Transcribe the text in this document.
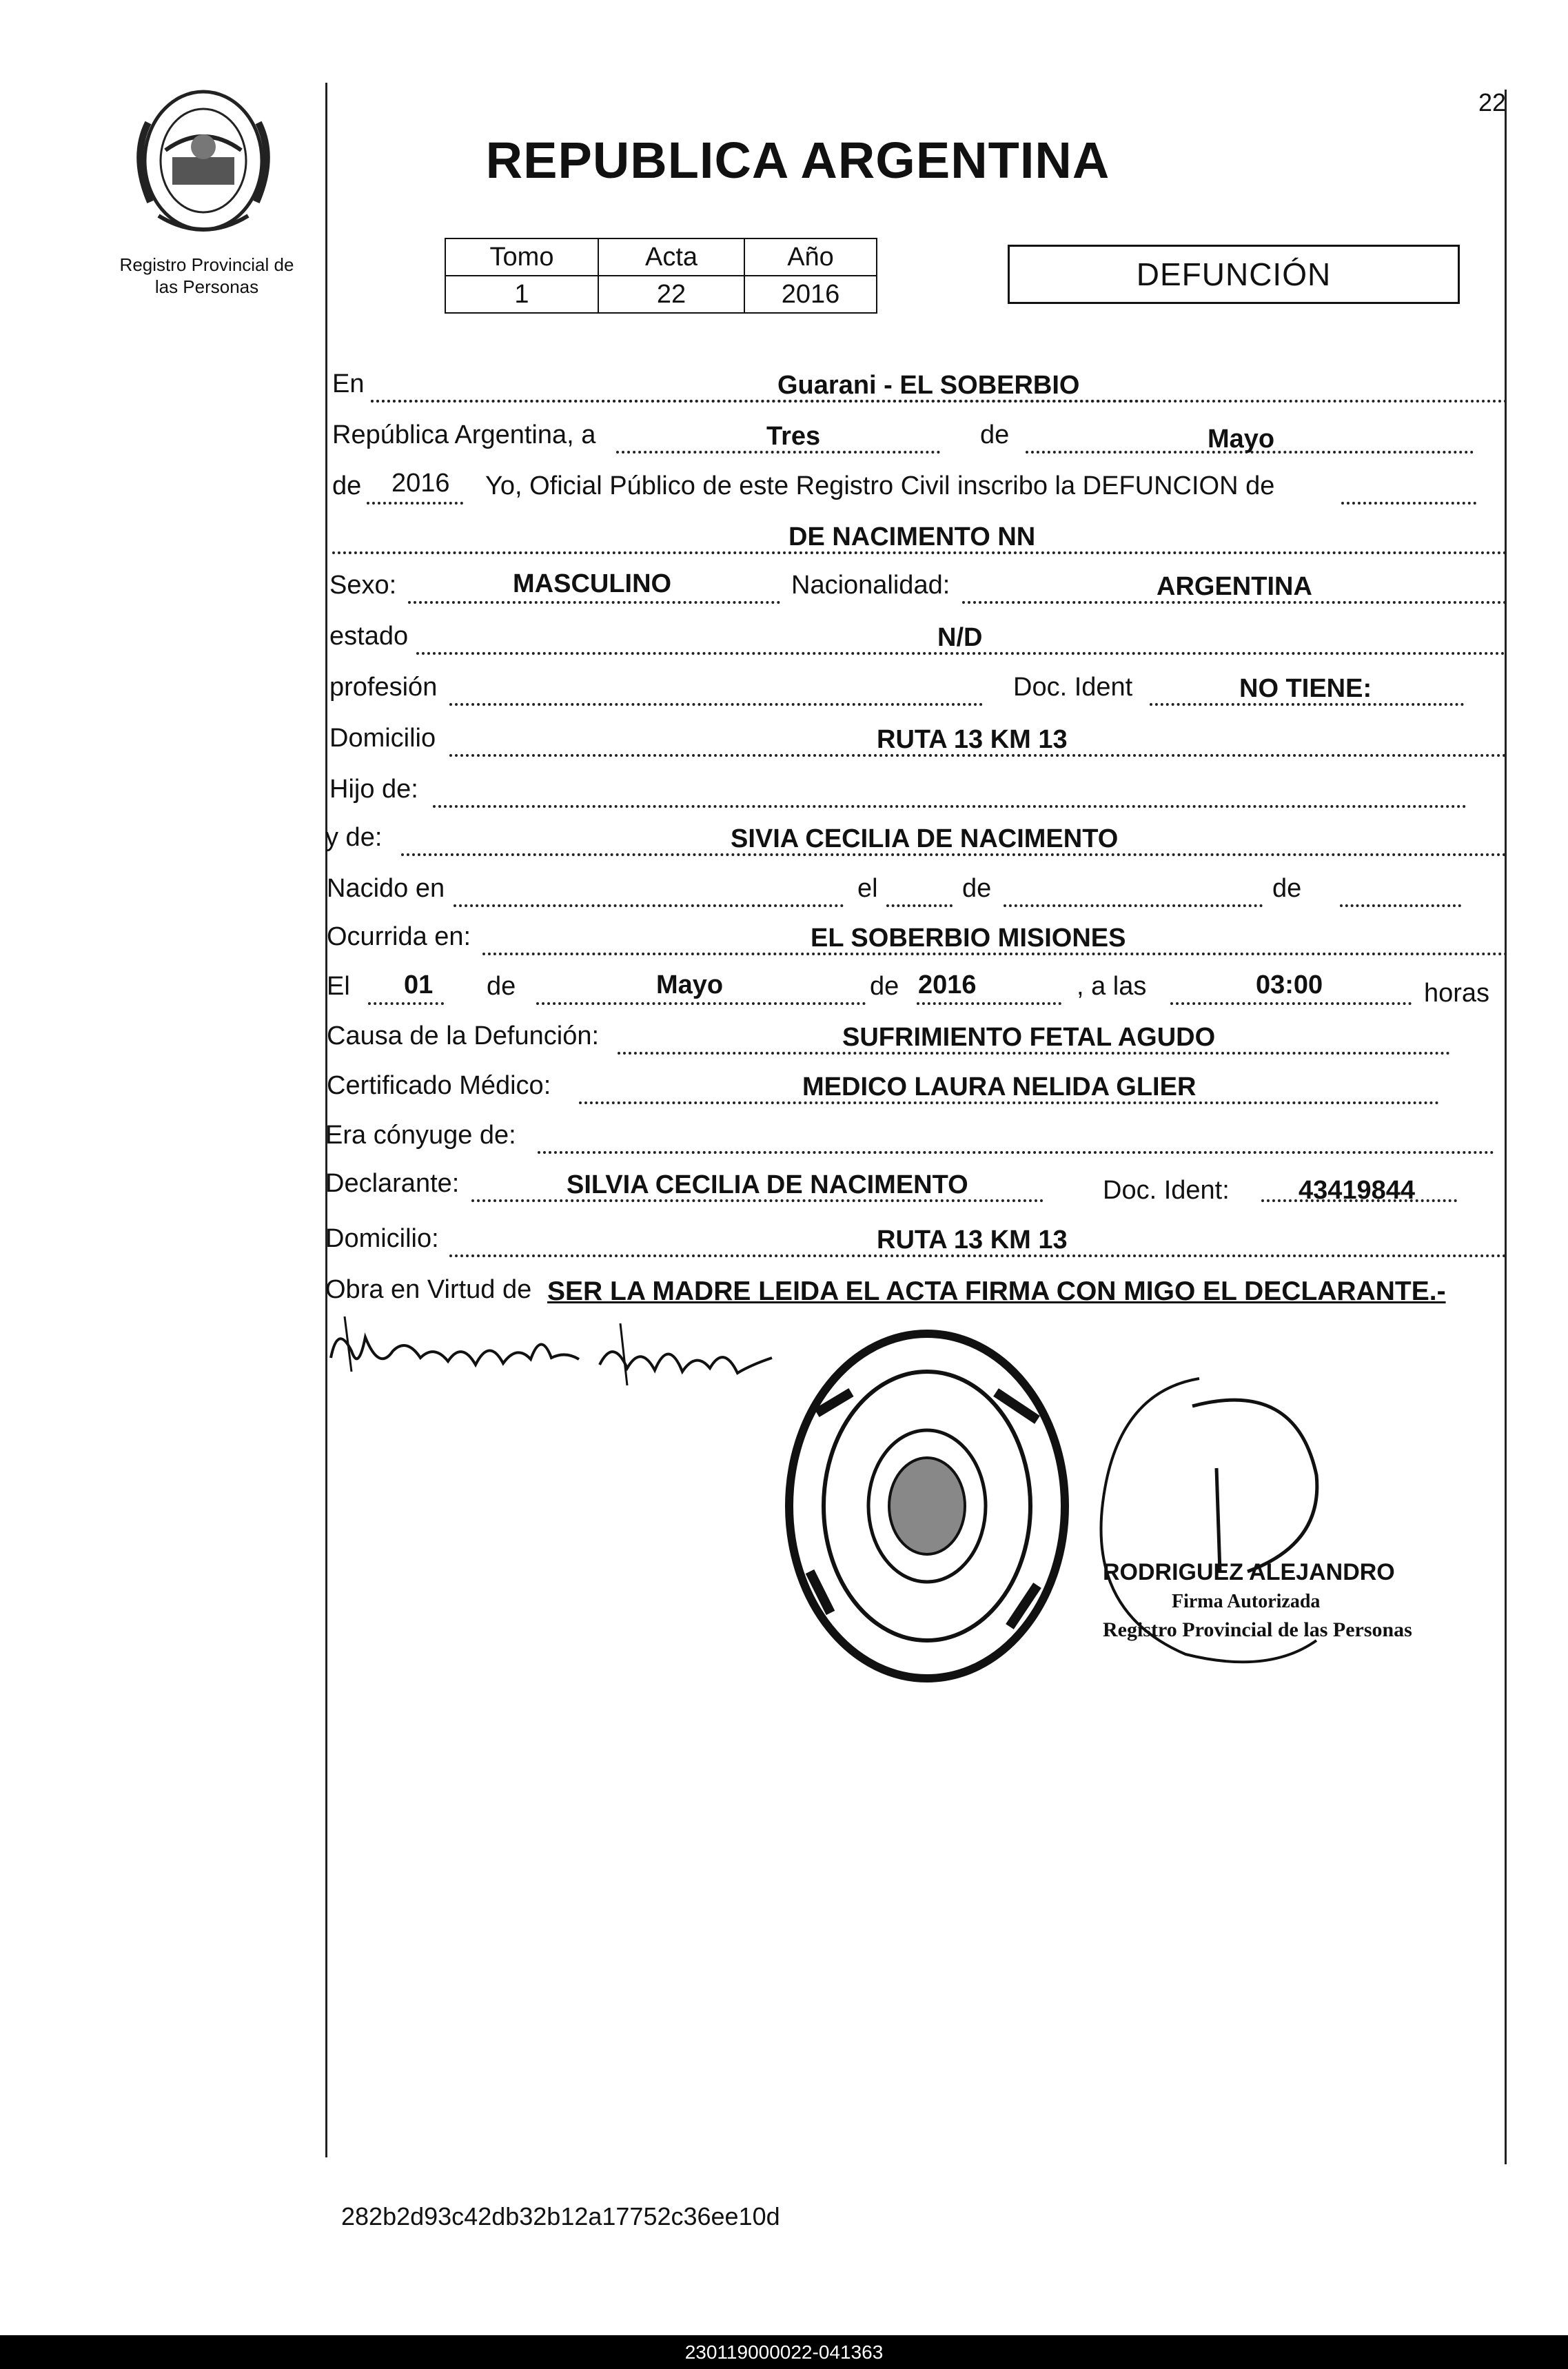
Registro Provincial de
las Personas
22
REPUBLICA ARGENTINA
Tomo	Acta	Año
1	22	2016
DEFUNCIÓN
En	Guarani - EL SOBERBIO
República Argentina, a	Tres	de	Mayo
de 2016 Yo, Oficial Público de este Registro Civil inscribo la DEFUNCION de
DE NACIMENTO NN
Sexo:	MASCULINO	Nacionalidad:	ARGENTINA
estado	N/D
profesión	Doc. Ident	NO TIENE:
Domicilio	RUTA 13 KM 13
Hijo de:
y de:	SIVIA CECILIA DE NACIMENTO
Nacido en	el	de	de
Ocurrida en:	EL SOBERBIO MISIONES
El 01 de	Mayo	de 2016	, a las	03:00	horas
Causa de la Defunción:	SUFRIMIENTO FETAL AGUDO
Certificado Médico:	MEDICO LAURA NELIDA GLIER
Era cónyuge de:
Declarante:	SILVIA CECILIA DE NACIMENTO	Doc. Ident:	43419844
Domicilio:	RUTA 13 KM 13
Obra en Virtud de SER LA MADRE LEIDA EL ACTA FIRMA CON MIGO EL DECLARANTE.-
RODRIGUEZ ALEJANDRO
Firma Autorizada
Registro Provincial de las Personas
282b2d93c42db32b12a17752c36ee10d
230119000022-041363
